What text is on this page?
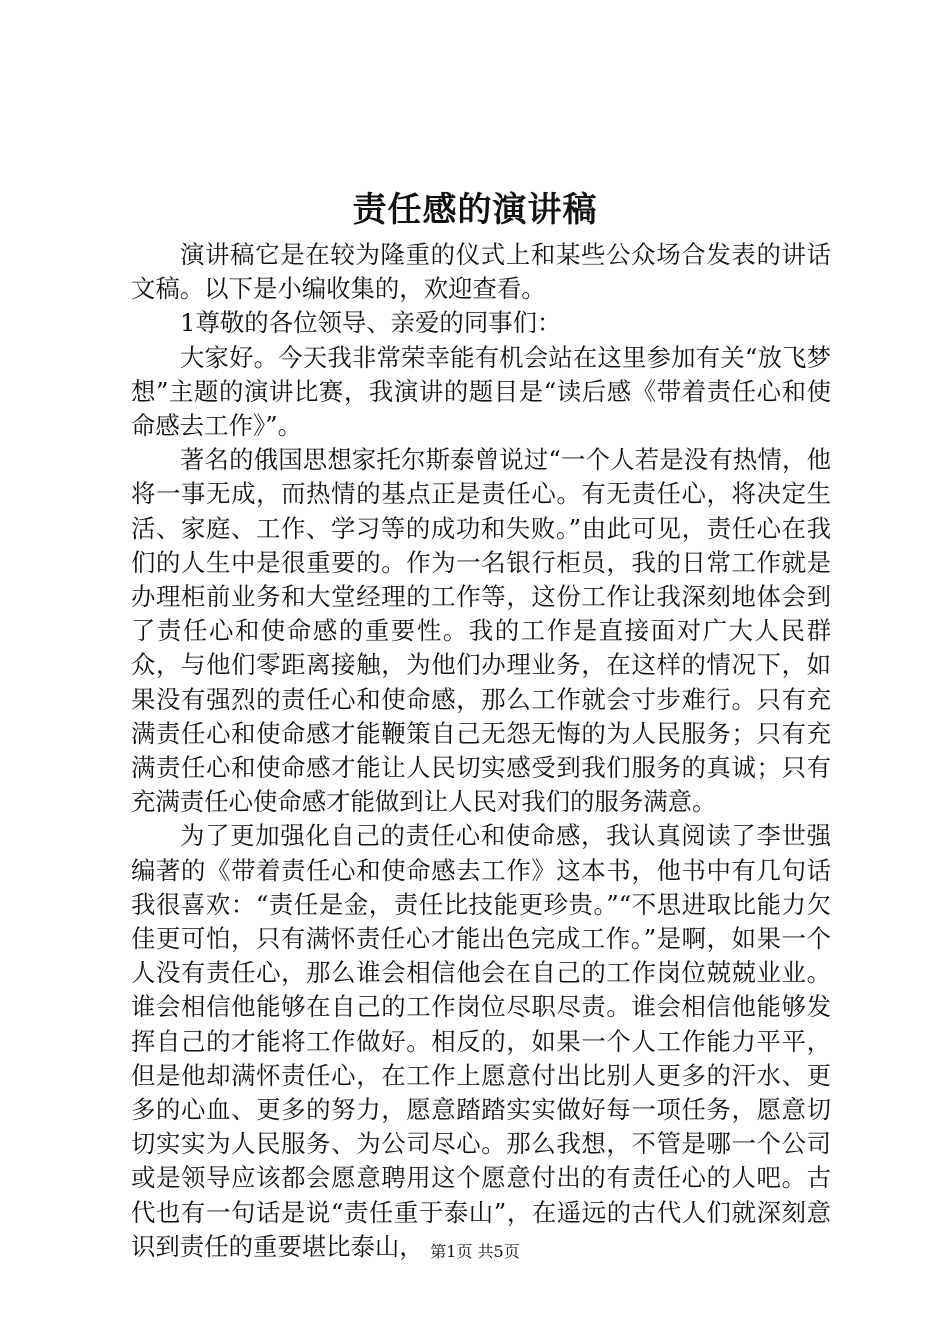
责任感的演讲稿

演讲稿它是在较为隆重的仪式上和某些公众场合发表的讲话文稿。以下是小编收集的，欢迎查看。

1尊敬的各位领导、亲爱的同事们：

大家好。今天我非常荣幸能有机会站在这里参加有关“放飞梦想”主题的演讲比赛，我演讲的题目是“读后感《带着责任心和使命感去工作》”。

著名的俄国思想家托尔斯泰曾说过“一个人若是没有热情，他将一事无成，而热情的基点正是责任心。有无责任心，将决定生活、家庭、工作、学习等的成功和失败。”由此可见，责任心在我们的人生中是很重要的。作为一名银行柜员，我的日常工作就是办理柜前业务和大堂经理的工作等，这份工作让我深刻地体会到了责任心和使命感的重要性。我的工作是直接面对广大人民群众，与他们零距离接触，为他们办理业务，在这样的情况下，如果没有强烈的责任心和使命感，那么工作就会寸步难行。只有充满责任心和使命感才能鞭策自己无怨无悔的为人民服务；只有充满责任心和使命感才能让人民切实感受到我们服务的真诚；只有充满责任心使命感才能做到让人民对我们的服务满意。

为了更加强化自己的责任心和使命感，我认真阅读了李世强编著的《带着责任心和使命感去工作》这本书，他书中有几句话我很喜欢：“责任是金，责任比技能更珍贵。”“不思进取比能力欠佳更可怕，只有满怀责任心才能出色完成工作。”是啊，如果一个人没有责任心，那么谁会相信他会在自己的工作岗位兢兢业业。谁会相信他能够在自己的工作岗位尽职尽责。谁会相信他能够发挥自己的才能将工作做好。相反的，如果一个人工作能力平平，但是他却满怀责任心，在工作上愿意付出比别人更多的汗水、更多的心血、更多的努力，愿意踏踏实实做好每一项任务，愿意切切实实为人民服务、为公司尽心。那么我想，不管是哪一个公司或是领导应该都会愿意聘用这个愿意付出的有责任心的人吧。古代也有一句话是说“责任重于泰山”，在遥远的古代人们就深刻意识到责任的重要堪比泰山， 第1页 共5页
